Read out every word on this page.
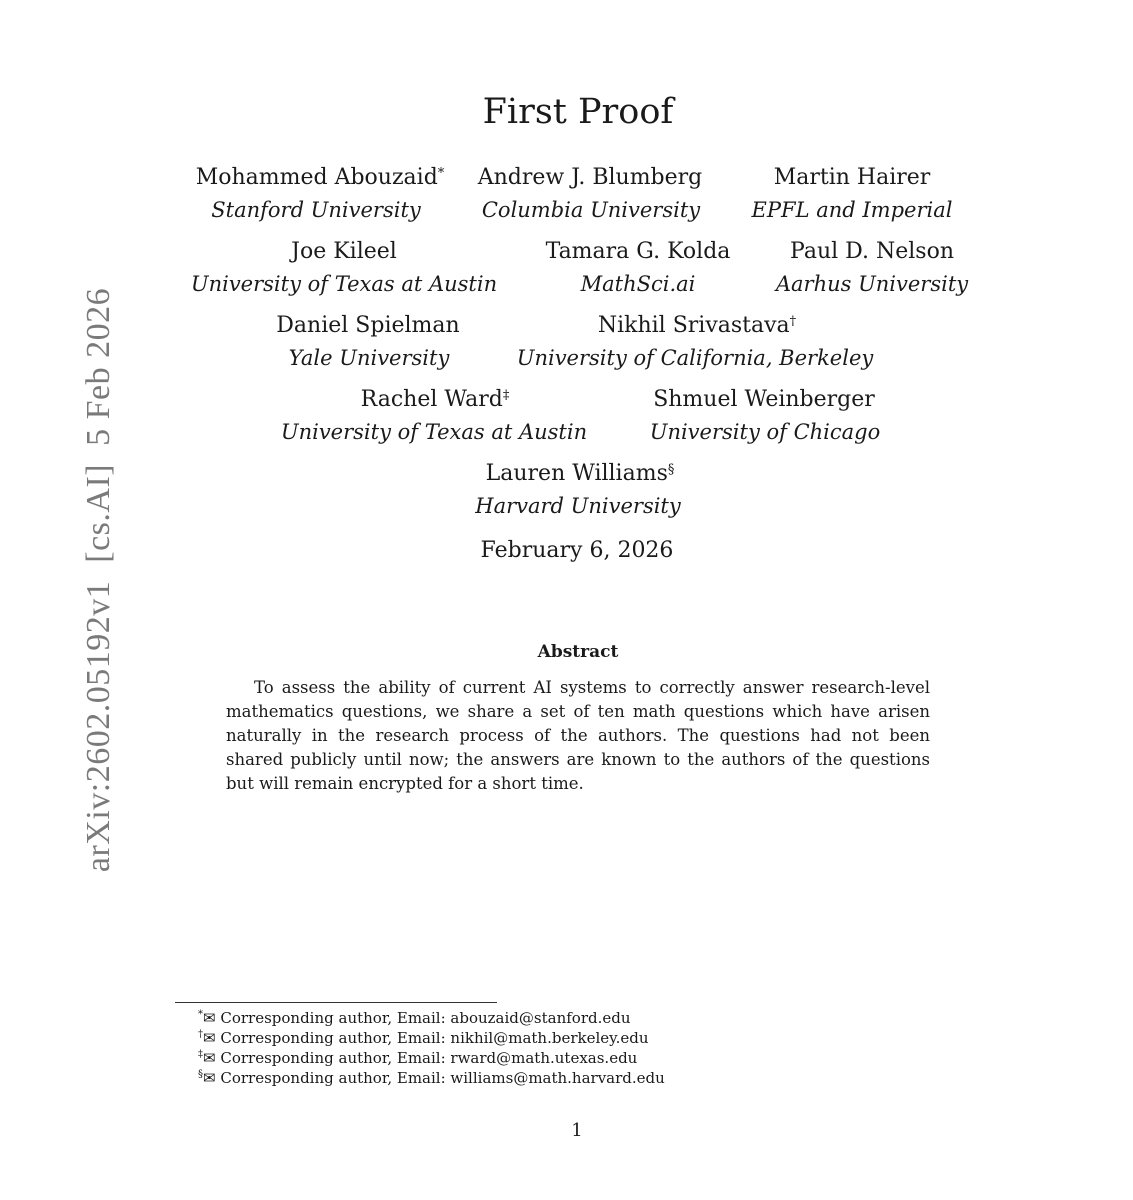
arXiv:2602.05192v1  [cs.AI]  5 Feb 2026
First Proof
Mohammed Abouzaid*
Stanford University
Andrew J. Blumberg
Columbia University
Martin Hairer
EPFL and Imperial
Joe Kileel
University of Texas at Austin
Tamara G. Kolda
MathSci.ai
Paul D. Nelson
Aarhus University
Daniel Spielman
Yale University
Nikhil Srivastava†
University of California, Berkeley
Rachel Ward‡
University of Texas at Austin
Shmuel Weinberger
University of Chicago
Lauren Williams§
Harvard University
February 6, 2026
Abstract
To assess the ability of current AI systems to correctly answer research-level mathematics questions, we share a set of ten math questions which have arisen naturally in the research process of the authors. The questions had not been shared publicly until now; the answers are known to the authors of the questions but will remain encrypted for a short time.
*✉ Corresponding author, Email: abouzaid@stanford.edu
†✉ Corresponding author, Email: nikhil@math.berkeley.edu
‡✉ Corresponding author, Email: rward@math.utexas.edu
§✉ Corresponding author, Email: williams@math.harvard.edu
1
